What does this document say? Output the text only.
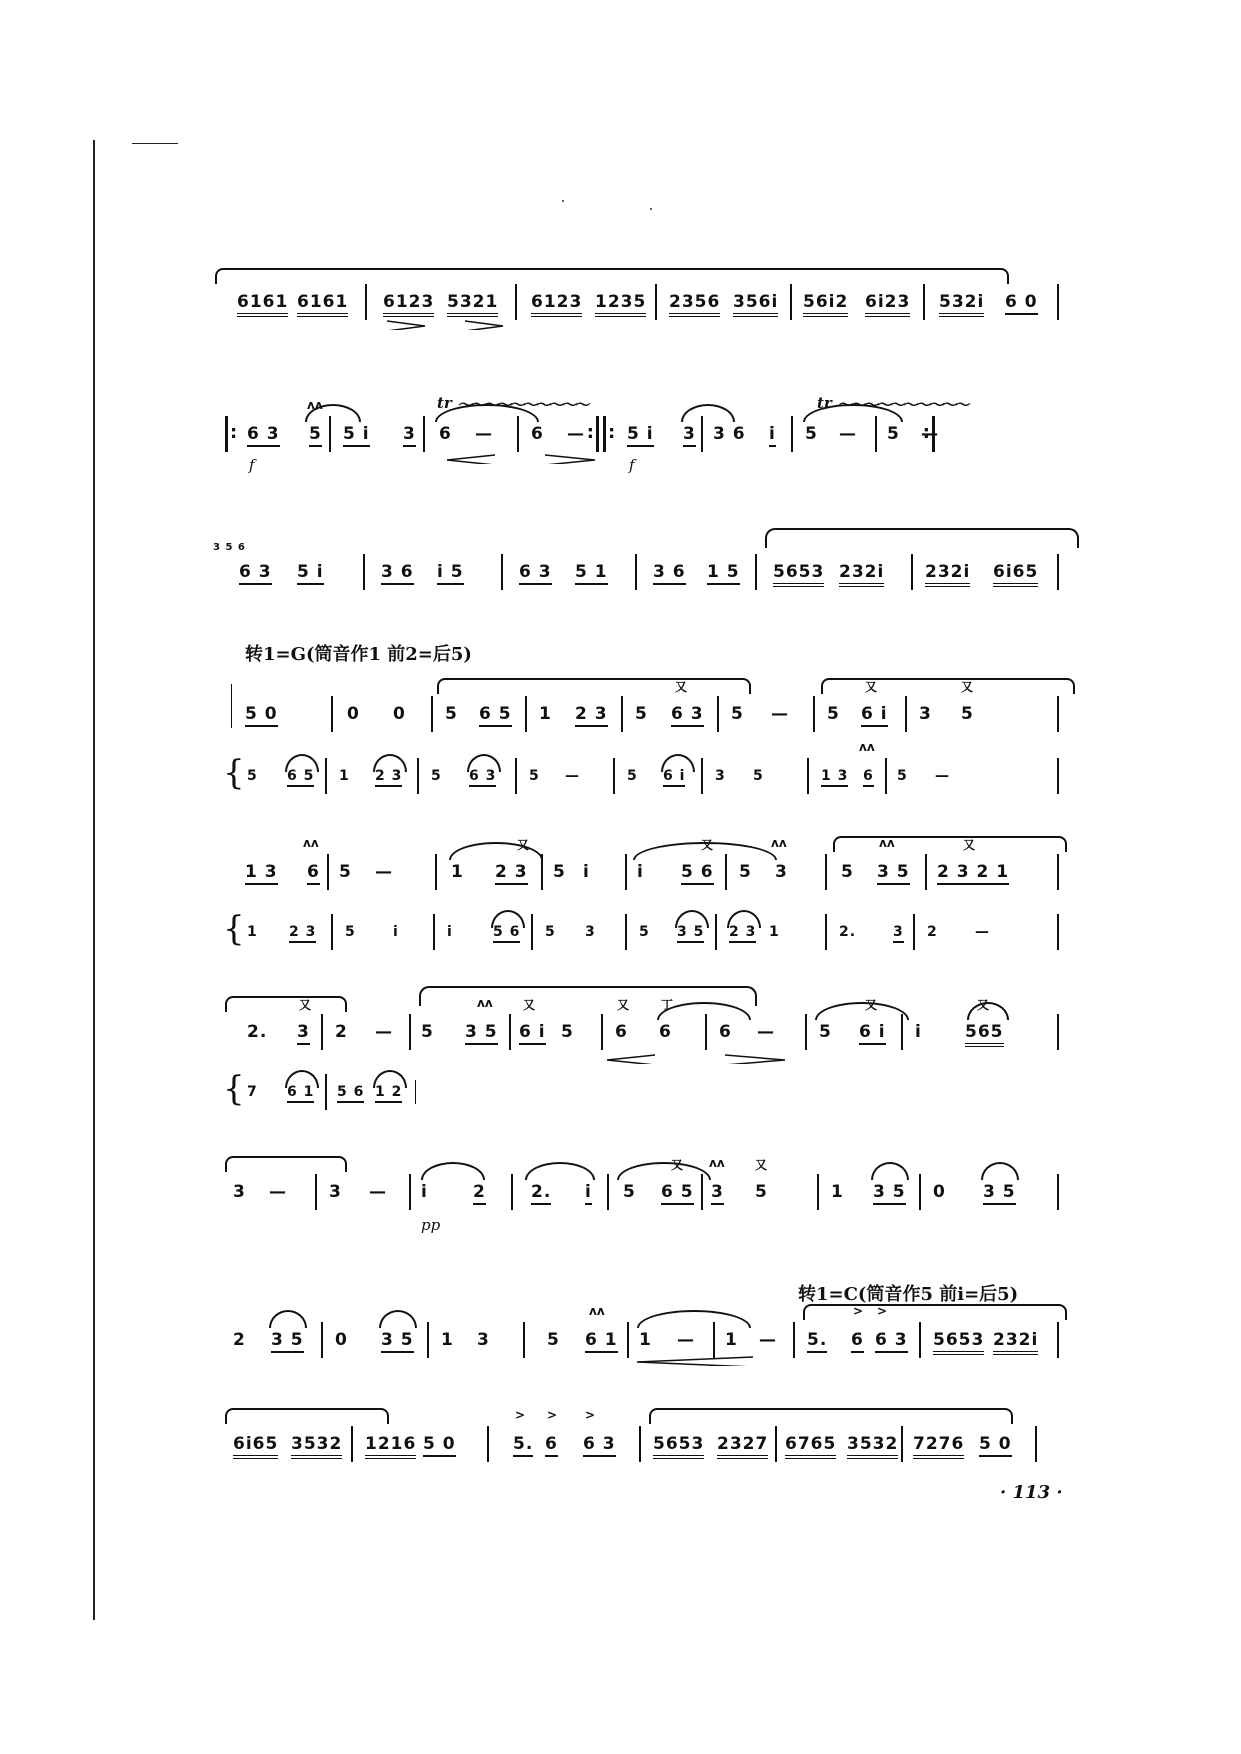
6161 6161 6123 5321 6123 1235 2356 356i 56i2 6i23 532i 6 0
:
6 3
ʌʌ
5 5 i 3
tr ～～～～～～～～～～
6 — 6 — : : 5 i 3 3 6 i
tr ～～～～～～～～～～
5 — 5 —
:
f	f
3 5 6
6 3 5 i	3 6 i 5	6 3 5 1	3 6 1 5 5653 232i 232i 6i65
转1=G(筒音作1 前2=后5)
5 0	0 0 5 6 5 1 2 3 5
又
6 3 5 — 5
又
6 i 3
又
5
{ 5 6 5 1 2 3 5 6 3 5 —	5 6 i 3 5	1 3
ʌʌ
6 5 —
1 3
ʌʌ
6 5 —	1
又
2 3 5 i	i
又
5 6 5
ʌʌ
3	5
ʌʌ
3 5
又
2 3 2 1
{ 1 2 3 5	i	i	5 6 5 3	5 3 5 2 3 1	2.	3 2	—
2.
又
3 2 — 5
ʌʌ
3 5
又
6 i 5
又
6
丁
6	6 —	5
又
6 i i
又
565
{ 7 6 1 5 6 1 2
3 — 3 — i	2	2. i 5
又
6 5
ʌʌ
3
又
5	1 3 5 0 3 5
pp
转1=C(筒音作5 前i=后5)
2 3 5 0 3 5 1 3	5
ʌʌ
6 1 1 — 1 — 5.
>
6
>
6 3 5653 232i
6i65 3532 1216 5 0
>
5.
>
6
>
6 3 5653 2327 6765 3532 7276 5 0
· 113 ·
